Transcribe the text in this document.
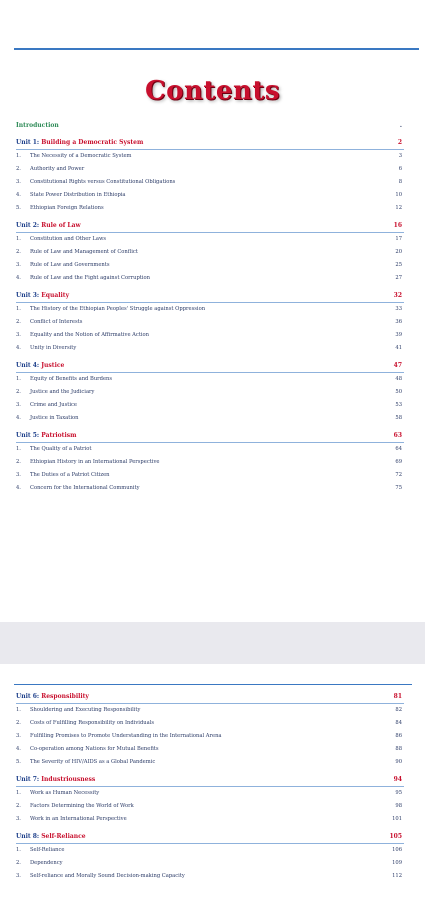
Contents
Introduction	.
Unit 1: Building a Democratic System	2
1. The Necessity of a Democratic System	3
2. Authority and Power	6
3. Constitutional Rights versus Constitutional Obligations	8
4. State Power Distribution in Ethiopia	10
5. Ethiopian Foreign Relations	12
Unit 2: Rule of Law	16
1. Constitution and Other Laws	17
2. Rule of Law and Management of Conflict	20
3. Rule of Law and Governments	25
4. Rule of Law and the Fight against Corruption	27
Unit 3: Equality	32
1. The History of the Ethiopian Peoples' Struggle against Oppression	33
2. Conflict of Interests	36
3. Equality and the Notion of Affirmative Action	39
4. Unity in Diversity	41
Unit 4: Justice	47
1. Equity of Benefits and Burdens	48
2. Justice and the Judiciary	50
3. Crime and Justice	53
4. Justice in Taxation	58
Unit 5: Patriotism	63
1. The Quality of a Patriot	64
2. Ethiopian History in an International Perspective	69
3. The Duties of a Patriot Citizen	72
4. Concern for the International Community	75
Unit 6: Responsibility	81
1. Shouldering and Executing Responsibility	82
2. Costs of Fulfilling Responsibility on Individuals	84
3. Fulfilling Promises to Promote Understanding in the International Arena	86
4. Co-operation among Nations for Mutual Benefits	88
5. The Severity of HIV/AIDS as a Global Pandemic	90
Unit 7: Industriousness	94
1. Work as Human Necessity	95
2. Factors Determining the World of Work	98
3. Work in an International Perspective	101
Unit 8: Self-Reliance	105
1. Self-Reliance	106
2. Dependency	109
3. Self-reliance and Morally Sound Decision-making Capacity	112
